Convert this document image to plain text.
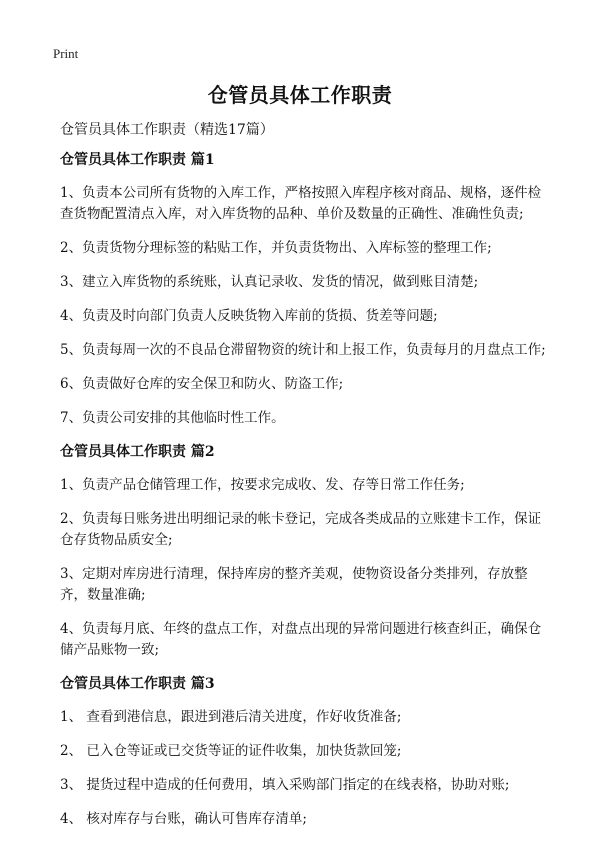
Print
仓管员具体工作职责
仓管员具体工作职责（精选17篇）
仓管员具体工作职责 篇1
1、负责本公司所有货物的入库工作，严格按照入库程序核对商品、规格，逐件检查货物配置清点入库，对入库货物的品种、单价及数量的正确性、准确性负责;
2、负责货物分理标签的粘贴工作，并负责货物出、入库标签的整理工作;
3、建立入库货物的系统账，认真记录收、发货的情况，做到账目清楚;
4、负责及时向部门负责人反映货物入库前的货损、货差等问题;
5、负责每周一次的不良品仓滞留物资的统计和上报工作，负责每月的月盘点工作;
6、负责做好仓库的安全保卫和防火、防盗工作;
7、负责公司安排的其他临时性工作。
仓管员具体工作职责 篇2
1、负责产品仓储管理工作，按要求完成收、发、存等日常工作任务;
2、负责每日账务进出明细记录的帐卡登记，完成各类成品的立账建卡工作，保证仓存货物品质安全;
3、定期对库房进行清理，保持库房的整齐美观，使物资设备分类排列，存放整齐，数量准确;
4、负责每月底、年终的盘点工作，对盘点出现的异常问题进行核查纠正，确保仓储产品账物一致;
仓管员具体工作职责 篇3
1、 查看到港信息，跟进到港后清关进度，作好收货准备;
2、 已入仓等证或已交货等证的证件收集，加快货款回笼;
3、 提货过程中造成的任何费用，填入采购部门指定的在线表格，协助对账;
4、 核对库存与台账，确认可售库存清单;
